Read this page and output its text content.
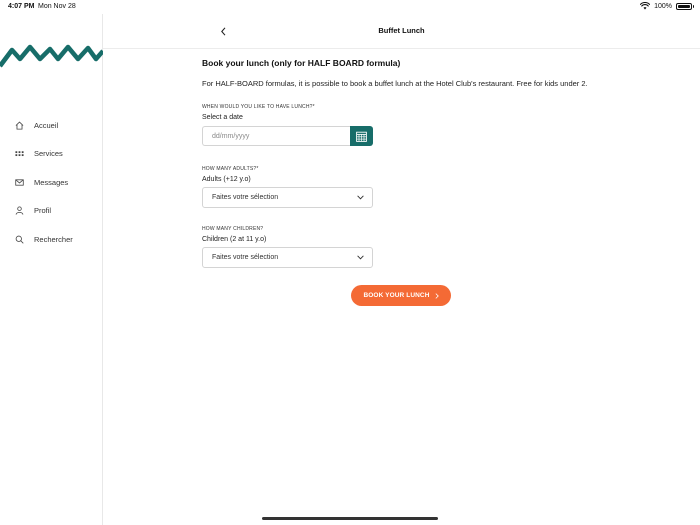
4:07 PM Mon Nov 28	100%
Accueil
Services
Messages
Profil
Rechercher
Buffet Lunch
Book your lunch (only for HALF BOARD formula)
For HALF-BOARD formulas, it is possible to book a buffet lunch at the Hotel Club's restaurant. Free for kids under 2.
WHEN WOULD YOU LIKE TO HAVE LUNCH?*
Select a date
dd/mm/yyyy
HOW MANY ADULTS?*
Adults (+12 y.o)
Faites votre sélection
HOW MANY CHILDREN?
Children (2 at 11 y.o)
Faites votre sélection
BOOK YOUR LUNCH
